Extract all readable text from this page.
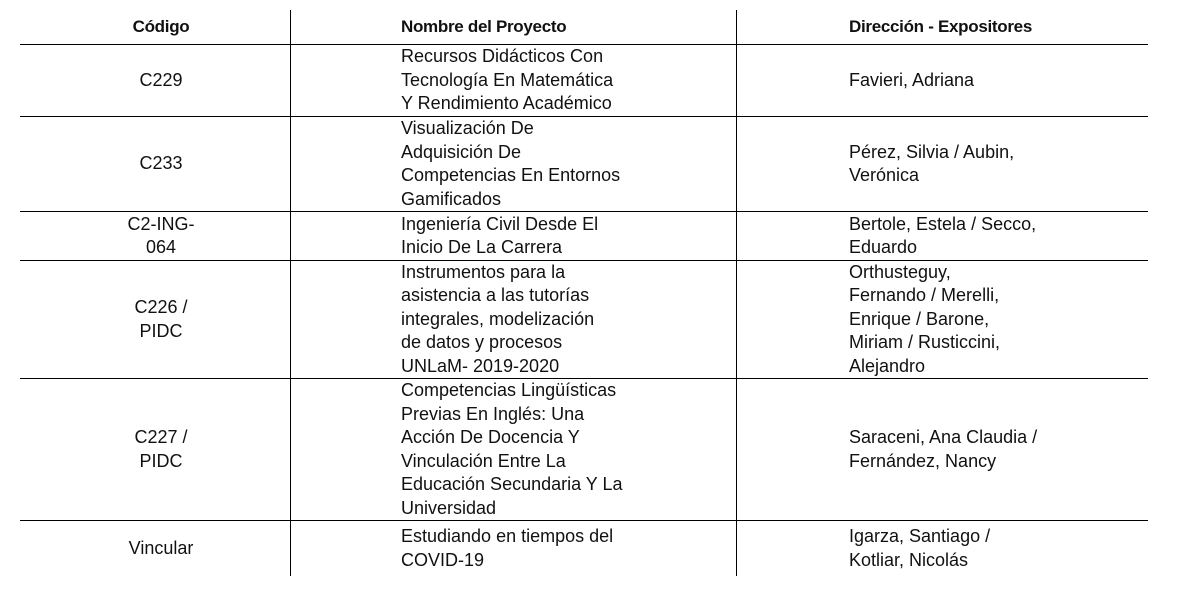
Código	Nombre del Proyecto	Dirección - Expositores
C229
Recursos Didácticos Con
Tecnología En Matemática
Y Rendimiento Académico
Favieri, Adriana
C233
Visualización De
Adquisición De
Competencias En Entornos
Gamificados
Pérez, Silvia / Aubin,
Verónica
C2-ING-
064
Ingeniería Civil Desde El
Inicio De La Carrera
Bertole, Estela / Secco,
Eduardo
C226 /
PIDC
Instrumentos para la
asistencia a las tutorías
integrales, modelización
de datos y procesos
UNLaM- 2019-2020
Orthusteguy,
Fernando / Merelli,
Enrique / Barone,
Miriam / Rusticcini,
Alejandro
C227 /
PIDC
Competencias Lingüísticas
Previas En Inglés: Una
Acción De Docencia Y
Vinculación Entre La
Educación Secundaria Y La
Universidad
Saraceni, Ana Claudia /
Fernández, Nancy
Vincular
Estudiando en tiempos del
COVID-19
Igarza, Santiago /
Kotliar, Nicolás
